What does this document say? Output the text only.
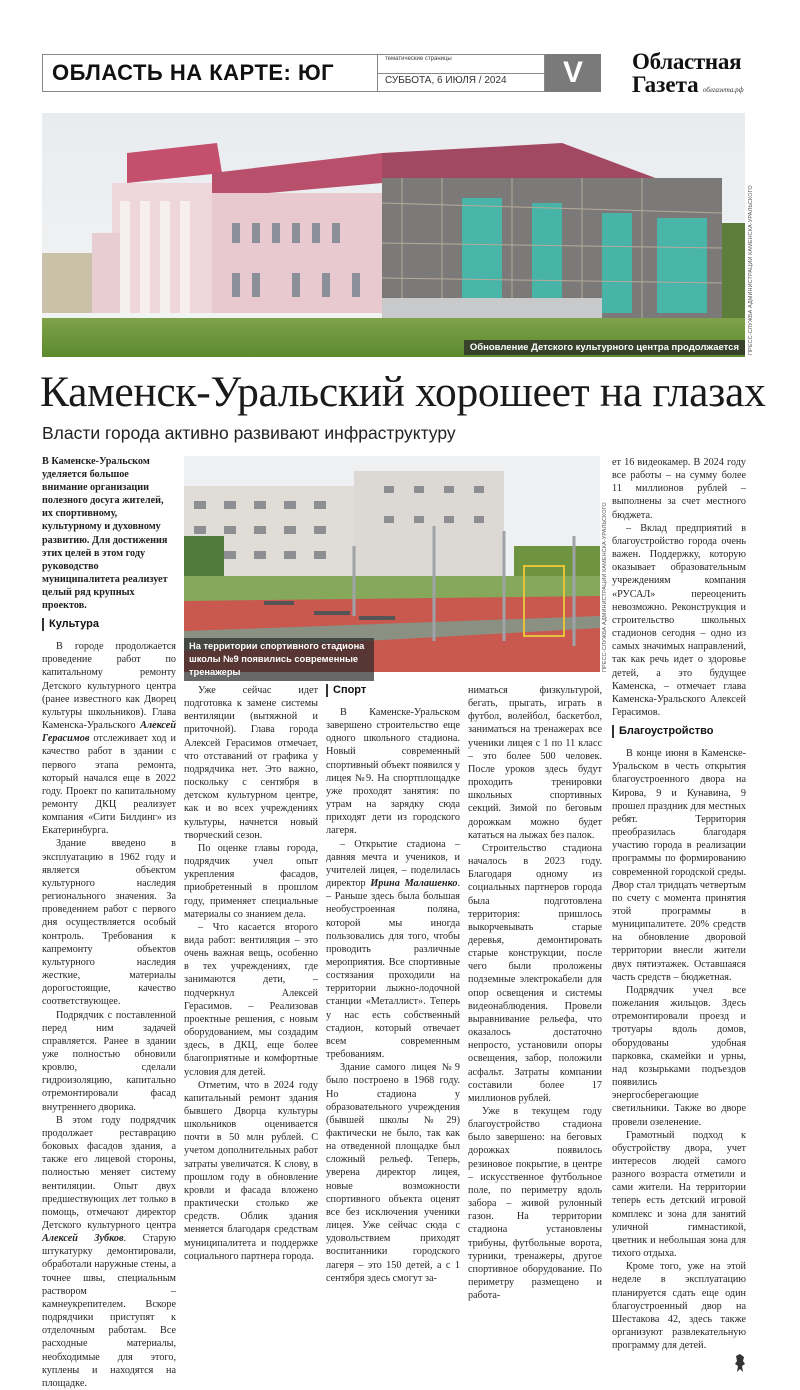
ОБЛАСТЬ НА КАРТЕ: ЮГ
тематические страницы
СУББОТА, 6 ИЮЛЯ / 2024	V	Областная
Газета облгазета.рф
Обновление Детского культурного центра продолжается	ПРЕСС-СЛУЖБА АДМИНИСТРАЦИИ КАМЕНСКА-УРАЛЬСКОГО
Каменск-Уральский хорошеет на глазах
Власти города активно развивают инфраструктуру
На территории спортивного стадиона школы №9 появились современные тренажеры	ПРЕСС-СЛУЖБА АДМИНИСТРАЦИИ КАМЕНСКА-УРАЛЬСКОГО
В Каменске-Уральском уделяется большое внимание организации полезного досуга жителей, их спортивному, культурному и духовному развитию. Для достижения этих целей в этом году руководство муниципалитета реализует целый ряд крупных проектов.
Культура

В городе продолжается проведение работ по капитальному ремонту Детского культурного центра (ранее известного как Дворец культуры школьников). Глава Каменска-Уральского Алексей Герасимов отслеживает ход и качество работ в здании с первого этапа ремонта, который начался еще в 2022 году. Проект по капитальному ремонту ДКЦ реализует компания «Сити Билдинг» из Екатеринбурга.

Здание введено в эксплуатацию в 1962 году и является объектом культурного наследия регионального значения. За проведением работ с первого дня осуществляется особый контроль. Требования к капремонту объектов культурного наследия жесткие, материалы дорогостоящие, качество соответствующее.

Подрядчик с поставленной перед ним задачей справляется. Ранее в здании уже полностью обновили кровлю, сделали гидроизоляцию, капитально отремонтировали фасад внутреннего дворика.

В этом году подрядчик продолжает реставрацию боковых фасадов здания, а также его лицевой стороны, полностью меняет систему вентиляции. Опыт двух предшествующих лет только в помощь, отмечают директор Детского культурного центра Алексей Зубков. Старую штукатурку демонтировали, обработали наружные стены, а точнее швы, специальным раствором – камнеукрепителем. Вскоре подрядчики приступят к отделочным работам. Все расходные материалы, необходимые для этого, куплены и находятся на площадке.

Уже сейчас идет подготовка к замене системы вентиляции (вытяжной и приточной). Глава города Алексей Герасимов отмечает, что отставаний от графика у подрядчика нет. Это важно, поскольку с сентября в детском культурном центре, как и во всех учреждениях культуры, начнется новый творческий сезон.

По оценке главы города, подрядчик учел опыт укрепления фасадов, приобретенный в прошлом году, применяет специальные материалы со знанием дела.

– Что касается второго вида работ: вентиляция – это очень важная вещь, особенно в тех учреждениях, где занимаются дети, – подчеркнул Алексей Герасимов. – Реализовав проектные решения, с новым оборудованием, мы создадим здесь, в ДКЦ, еще более благоприятные и комфортные условия для детей.

Отметим, что в 2024 году капитальный ремонт здания бывшего Дворца культуры школьников оценивается почти в 50 млн рублей. С учетом дополнительных работ затраты увеличатся. К слову, в прошлом году в обновление кровли и фасада вложено практически столько же средств. Облик здания меняется благодаря средствам муниципалитета и поддержке социального партнера города.

Спорт

В Каменске-Уральском завершено строительство еще одного школьного стадиона. Новый современный спортивный объект появился у лицея №9. На спортплощадке уже проходят занятия: по утрам на зарядку сюда приходят дети из городского лагеря.

– Открытие стадиона – давняя мечта и учеников, и учителей лицея, – поделилась директор Ирина Малашенко. – Раньше здесь была большая необустроенная поляна, которой мы иногда пользовались для того, чтобы проводить различные мероприятия. Все спортивные состязания проходили на территории лыжно-лодочной станции «Металлист». Теперь у нас есть собственный стадион, который отвечает всем современным требованиям.

Здание самого лицея №9 было построено в 1968 году. Но стадиона у образовательного учреждения (бывшей школы №29) фактически не было, так как на отведенной площадке был сложный рельеф. Теперь, уверена директор лицея, новые возможности спортивного объекта оценят все без исключения ученики лицея. Уже сейчас сюда с удовольствием приходят воспитанники городского лагеря – это 150 детей, а с 1 сентября здесь смогут за-

ниматься физкультурой, бегать, прыгать, играть в футбол, волейбол, баскетбол, заниматься на тренажерах все ученики лицея с 1 по 11 класс – это более 500 человек. После уроков здесь будут проходить тренировки школьных спортивных секций. Зимой по беговым дорожкам можно будет кататься на лыжах без палок.

Строительство стадиона началось в 2023 году. Благодаря одному из социальных партнеров города была подготовлена территория: пришлось выкорчевывать старые деревья, демонтировать старые конструкции, после чего были проложены подземные электрокабели для опор освещения и системы видеонаблюдения. Провели выравнивание рельефа, что оказалось достаточно непросто, установили опоры освещения, забор, положили асфальт. Затраты компании составили более 17 миллионов рублей.

Уже в текущем году благоустройство стадиона было завершено: на беговых дорожках появилось резиновое покрытие, в центре – искусственное футбольное поле, по периметру вдоль забора – живой рулонный газон. На территории стадиона установлены трибуны, футбольные ворота, турники, тренажеры, другое спортивное оборудование. По периметру размещено и работа-

ет 16 видеокамер. В 2024 году все работы – на сумму более 11 миллионов рублей – выполнены за счет местного бюджета.

– Вклад предприятий в благоустройство города очень важен. Поддержку, которую оказывает образовательным учреждениям компания «РУСАЛ» переоценить невозможно. Реконструкция и строительство школьных стадионов сегодня – одно из самых значимых направлений, так как речь идет о здоровье детей, а это будущее Каменска, – отмечает глава Каменска-Уральского Алексей Герасимов.

Благоустройство

В конце июня в Каменске-Уральском в честь открытия благоустроенного двора на Кирова, 9 и Кунавина, 9 прошел праздник для местных ребят. Территория преобразилась благодаря участию города в реализации программы по формированию современной городской среды. Двор стал тридцать четвертым по счету с момента принятия этой программы в муниципалитете. 20% средств на обновление дворовой территории внесли жители двух пятиэтажек. Оставшаяся часть средств – бюджетная.

Подрядчик учел все пожелания жильцов. Здесь отремонтировали проезд и тротуары вдоль домов, оборудованы удобная парковка, скамейки и урны, над козырьками подъездов появились энергосберегающие светильники. Также во дворе провели озеленение.

Грамотный подход к обустройству двора, учет интересов людей самого разного возраста отметили и сами жители. На территории теперь есть детский игровой комплекс и зона для занятий уличной гимнастикой, цветник и небольшая зона для тихого отдыха.

Кроме того, уже на этой неделе в эксплуатацию планируется сдать еще один благоустроенный двор на Шестакова 42, здесь также организуют развлекательную программу для детей.
